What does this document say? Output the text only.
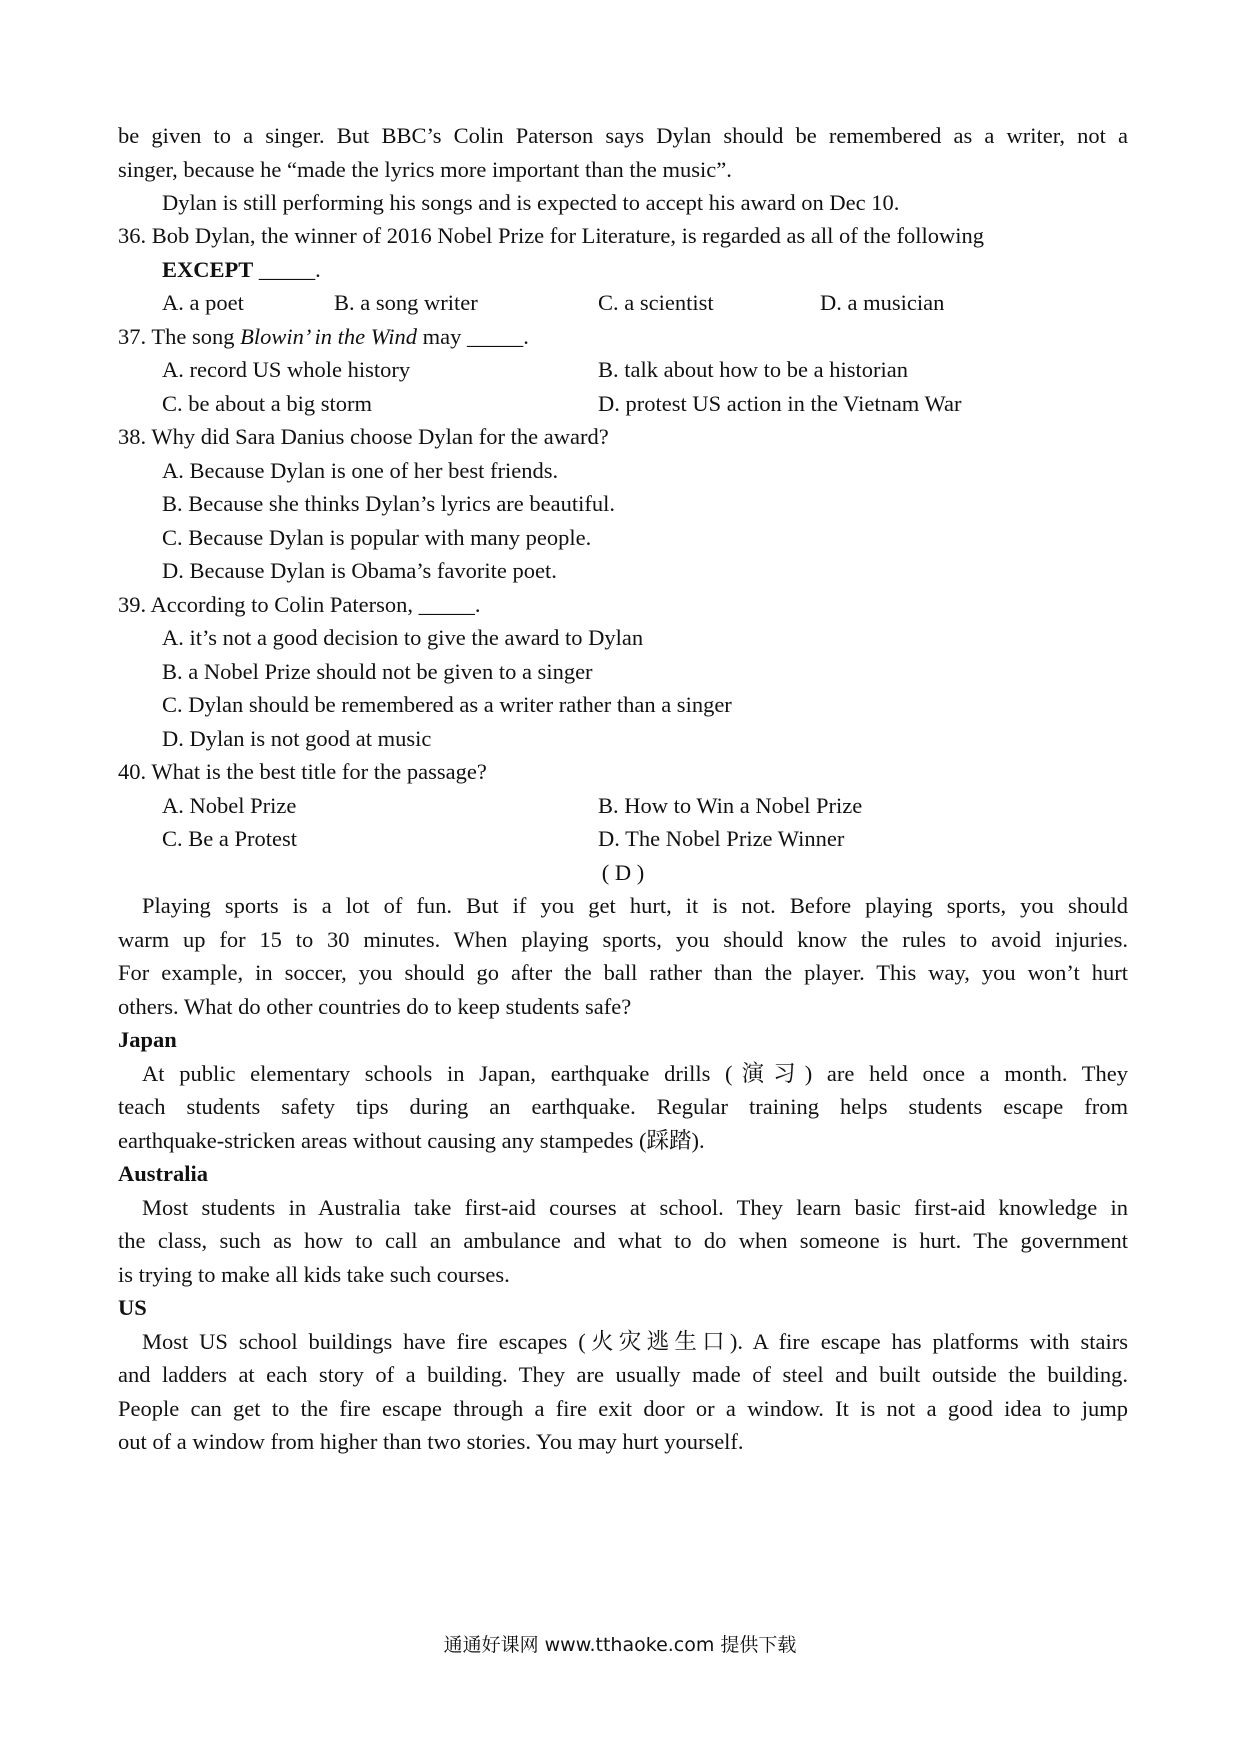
be given to a singer. But BBC’s Colin Paterson says Dylan should be remembered as a writer, not a
singer, because he “made the lyrics more important than the music”.
Dylan is still performing his songs and is expected to accept his award on Dec 10.
36. Bob Dylan, the winner of 2016 Nobel Prize for Literature, is regarded as all of the following
EXCEPT _____.
A. a poet	B. a song writer	C. a scientist	D. a musician
37. The song Blowin’ in the Wind may _____.
A. record US whole history	B. talk about how to be a historian
C. be about a big storm	D. protest US action in the Vietnam War
38. Why did Sara Danius choose Dylan for the award?
A. Because Dylan is one of her best friends.
B. Because she thinks Dylan’s lyrics are beautiful.
C. Because Dylan is popular with many people.
D. Because Dylan is Obama’s favorite poet.
39. According to Colin Paterson, _____.
A. it’s not a good decision to give the award to Dylan
B. a Nobel Prize should not be given to a singer
C. Dylan should be remembered as a writer rather than a singer
D. Dylan is not good at music
40. What is the best title for the passage?
A. Nobel Prize	B. How to Win a Nobel Prize
C. Be a Protest	D. The Nobel Prize Winner
( D )
Playing sports is a lot of fun. But if you get hurt, it is not. Before playing sports, you should
warm up for 15 to 30 minutes. When playing sports, you should know the rules to avoid injuries.
For example, in soccer, you should go after the ball rather than the player. This way, you won’t hurt
others. What do other countries do to keep students safe?
Japan
At public elementary schools in Japan, earthquake drills (演习) are held once a month. They
teach students safety tips during an earthquake. Regular training helps students escape from
earthquake-stricken areas without causing any stampedes (踩踏).
Australia
Most students in Australia take first-aid courses at school. They learn basic first-aid knowledge in
the class, such as how to call an ambulance and what to do when someone is hurt. The government
is trying to make all kids take such courses.
US
Most US school buildings have fire escapes (火灾逃生口). A fire escape has platforms with stairs
and ladders at each story of a building. They are usually made of steel and built outside the building.
People can get to the fire escape through a fire exit door or a window. It is not a good idea to jump
out of a window from higher than two stories. You may hurt yourself.
通通好课网 www.tthaoke.com 提供下载
